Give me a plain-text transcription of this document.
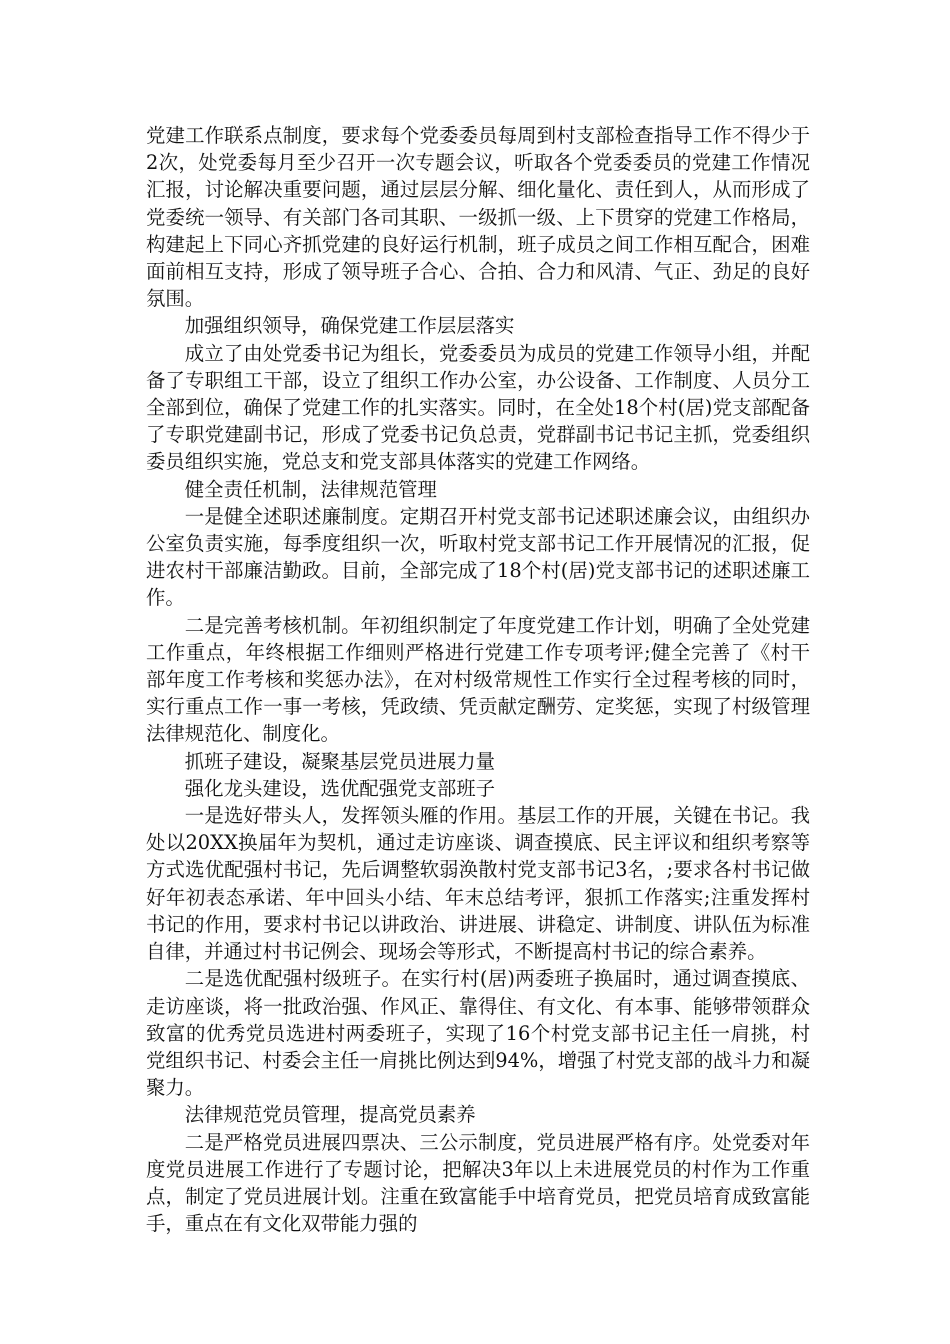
党建工作联系点制度，要求每个党委委员每周到村支部检查指导工作不得少于2次，处党委每月至少召开一次专题会议，听取各个党委委员的党建工作情况汇报，讨论解决重要问题，通过层层分解、细化量化、责任到人，从而形成了党委统一领导、有关部门各司其职、一级抓一级、上下贯穿的党建工作格局，构建起上下同心齐抓党建的良好运行机制，班子成员之间工作相互配合，困难面前相互支持，形成了领导班子合心、合拍、合力和风清、气正、劲足的良好氛围。

加强组织领导，确保党建工作层层落实

成立了由处党委书记为组长，党委委员为成员的党建工作领导小组，并配备了专职组工干部，设立了组织工作办公室，办公设备、工作制度、人员分工全部到位，确保了党建工作的扎实落实。同时，在全处18个村(居)党支部配备了专职党建副书记，形成了党委书记负总责，党群副书记书记主抓，党委组织委员组织实施，党总支和党支部具体落实的党建工作网络。

健全责任机制，法律规范管理

一是健全述职述廉制度。定期召开村党支部书记述职述廉会议，由组织办公室负责实施，每季度组织一次，听取村党支部书记工作开展情况的汇报，促进农村干部廉洁勤政。目前，全部完成了18个村(居)党支部书记的述职述廉工作。

二是完善考核机制。年初组织制定了年度党建工作计划，明确了全处党建工作重点，年终根据工作细则严格进行党建工作专项考评;健全完善了《村干部年度工作考核和奖惩办法》，在对村级常规性工作实行全过程考核的同时，实行重点工作一事一考核，凭政绩、凭贡献定酬劳、定奖惩，实现了村级管理法律规范化、制度化。

抓班子建设，凝聚基层党员进展力量

强化龙头建设，选优配强党支部班子

一是选好带头人，发挥领头雁的作用。基层工作的开展，关键在书记。我处以20XX换届年为契机，通过走访座谈、调查摸底、民主评议和组织考察等方式选优配强村书记，先后调整软弱涣散村党支部书记3名，;要求各村书记做好年初表态承诺、年中回头小结、年末总结考评，狠抓工作落实;注重发挥村书记的作用，要求村书记以讲政治、讲进展、讲稳定、讲制度、讲队伍为标准自律，并通过村书记例会、现场会等形式，不断提高村书记的综合素养。

二是选优配强村级班子。在实行村(居)两委班子换届时，通过调查摸底、走访座谈，将一批政治强、作风正、靠得住、有文化、有本事、能够带领群众致富的优秀党员选进村两委班子，实现了16个村党支部书记主任一肩挑，村党组织书记、村委会主任一肩挑比例达到94%，增强了村党支部的战斗力和凝聚力。

法律规范党员管理，提高党员素养

二是严格党员进展四票决、三公示制度，党员进展严格有序。处党委对年度党员进展工作进行了专题讨论，把解决3年以上未进展党员的村作为工作重点，制定了党员进展计划。注重在致富能手中培育党员，把党员培育成致富能手，重点在有文化双带能力强的
